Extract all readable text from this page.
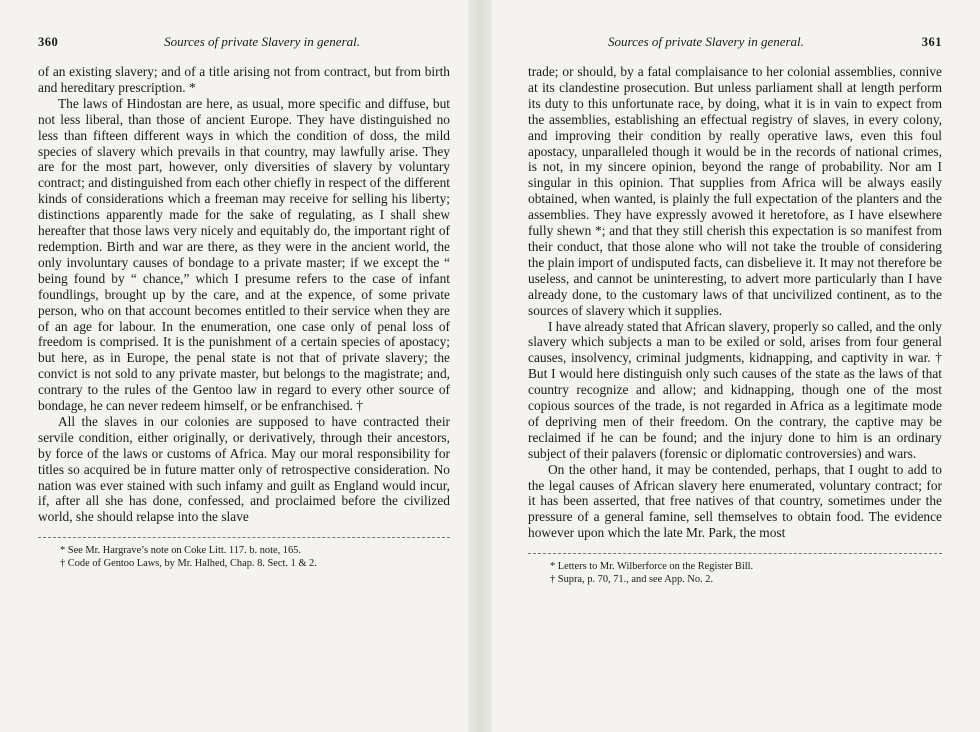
360	Sources of private Slavery in general.

of an existing slavery; and of a title arising not from contract, but from birth and hereditary prescription. *

The laws of Hindostan are here, as usual, more specific and diffuse, but not less liberal, than those of ancient Europe. They have distinguished no less than fifteen different ways in which the condition of doss, the mild species of slavery which prevails in that country, may lawfully arise. They are for the most part, however, only diversities of slavery by voluntary contract; and distinguished from each other chiefly in respect of the different kinds of considerations which a freeman may receive for selling his liberty; distinctions apparently made for the sake of regulating, as I shall shew hereafter that those laws very nicely and equitably do, the important right of redemption. Birth and war are there, as they were in the ancient world, the only involuntary causes of bondage to a private master; if we except the “ being found by “ chance,” which I presume refers to the case of infant foundlings, brought up by the care, and at the expence, of some private person, who on that account becomes entitled to their service when they are of an age for labour. In the enumeration, one case only of penal loss of freedom is comprised. It is the punishment of a certain species of apostacy; but here, as in Europe, the penal state is not that of private slavery; the convict is not sold to any private master, but belongs to the magistrate; and, contrary to the rules of the Gentoo law in regard to every other source of bondage, he can never redeem himself, or be enfranchised. †

All the slaves in our colonies are supposed to have contracted their servile condition, either originally, or derivatively, through their ancestors, by force of the laws or customs of Africa. May our moral responsibility for titles so acquired be in future matter only of retrospective consideration. No nation was ever stained with such infamy and guilt as England would incur, if, after all she has done, confessed, and proclaimed before the civilized world, she should relapse into the slave

* See Mr. Hargrave’s note on Coke Litt. 117. b. note, 165.
† Code of Gentoo Laws, by Mr. Halhed, Chap. 8. Sect. 1 & 2.
Sources of private Slavery in general.	361

trade; or should, by a fatal complaisance to her colonial assemblies, connive at its clandestine prosecution. But unless parliament shall at length perform its duty to this unfortunate race, by doing, what it is in vain to expect from the assemblies, establishing an effectual registry of slaves, in every colony, and improving their condition by really operative laws, even this foul apostacy, unparalleled though it would be in the records of national crimes, is not, in my sincere opinion, beyond the range of probability. Nor am I singular in this opinion. That supplies from Africa will be always easily obtained, when wanted, is plainly the full expectation of the planters and the assemblies. They have expressly avowed it heretofore, as I have elsewhere fully shewn *; and that they still cherish this expectation is so manifest from their conduct, that those alone who will not take the trouble of considering the plain import of undisputed facts, can disbelieve it. It may not therefore be useless, and cannot be uninteresting, to advert more particularly than I have already done, to the customary laws of that uncivilized continent, as to the sources of slavery which it supplies.

I have already stated that African slavery, properly so called, and the only slavery which subjects a man to be exiled or sold, arises from four general causes, insolvency, criminal judgments, kidnapping, and captivity in war. † But I would here distinguish only such causes of the state as the laws of that country recognize and allow; and kidnapping, though one of the most copious sources of the trade, is not regarded in Africa as a legitimate mode of depriving men of their freedom. On the contrary, the captive may be reclaimed if he can be found; and the injury done to him is an ordinary subject of their palavers (forensic or diplomatic controversies) and wars.

On the other hand, it may be contended, perhaps, that I ought to add to the legal causes of African slavery here enumerated, voluntary contract; for it has been asserted, that free natives of that country, sometimes under the pressure of a general famine, sell themselves to obtain food. The evidence however upon which the late Mr. Park, the most

* Letters to Mr. Wilberforce on the Register Bill.
† Supra, p. 70, 71., and see App. No. 2.
